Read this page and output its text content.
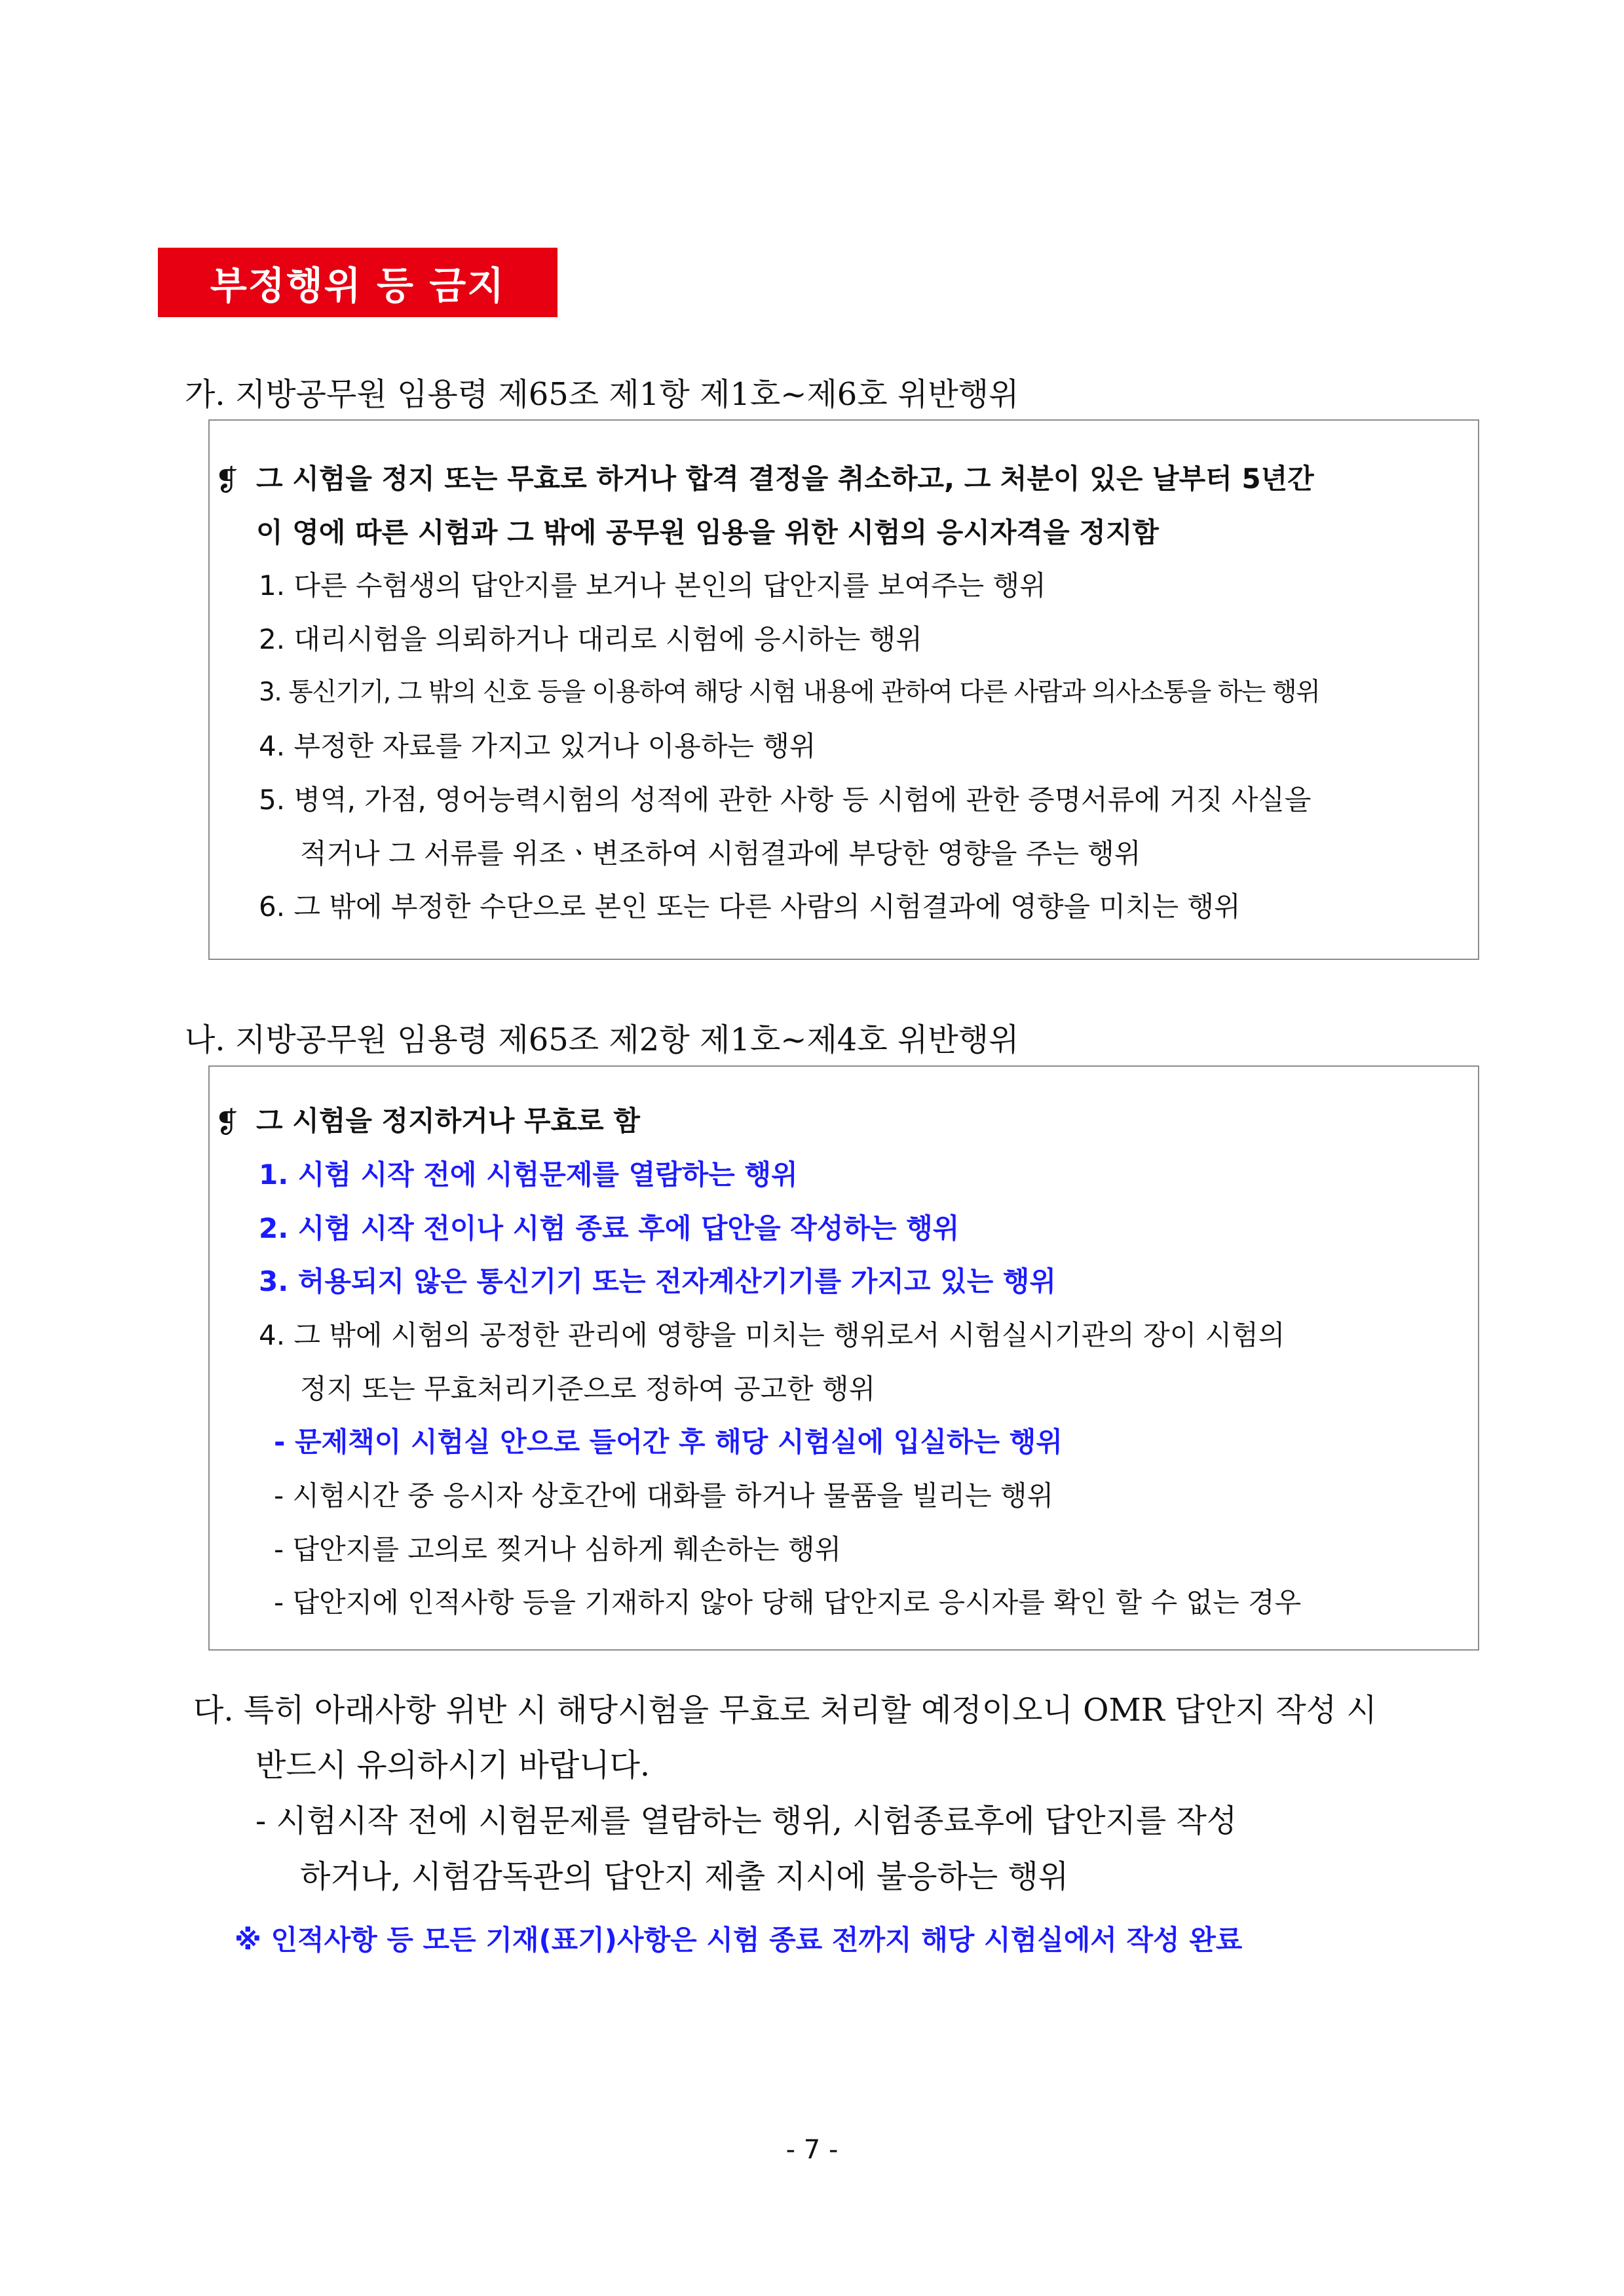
부정행위 등 금지
가. 지방공무원 임용령 제65조 제1항 제1호~제6호 위반행위
❡ 그 시험을 정지 또는 무효로 하거나 합격 결정을 취소하고, 그 처분이 있은 날부터 5년간
이 영에 따른 시험과 그 밖에 공무원 임용을 위한 시험의 응시자격을 정지함
1. 다른 수험생의 답안지를 보거나 본인의 답안지를 보여주는 행위
2. 대리시험을 의뢰하거나 대리로 시험에 응시하는 행위
3. 통신기기, 그 밖의 신호 등을 이용하여 해당 시험 내용에 관하여 다른 사람과 의사소통을 하는 행위
4. 부정한 자료를 가지고 있거나 이용하는 행위
5. 병역, 가점, 영어능력시험의 성적에 관한 사항 등 시험에 관한 증명서류에 거짓 사실을
적거나 그 서류를 위조ㆍ변조하여 시험결과에 부당한 영향을 주는 행위
6. 그 밖에 부정한 수단으로 본인 또는 다른 사람의 시험결과에 영향을 미치는 행위
나. 지방공무원 임용령 제65조 제2항 제1호~제4호 위반행위
❡ 그 시험을 정지하거나 무효로 함
1. 시험 시작 전에 시험문제를 열람하는 행위
2. 시험 시작 전이나 시험 종료 후에 답안을 작성하는 행위
3. 허용되지 않은 통신기기 또는 전자계산기기를 가지고 있는 행위
4. 그 밖에 시험의 공정한 관리에 영향을 미치는 행위로서 시험실시기관의 장이 시험의
정지 또는 무효처리기준으로 정하여 공고한 행위
- 문제책이 시험실 안으로 들어간 후 해당 시험실에 입실하는 행위
- 시험시간 중 응시자 상호간에 대화를 하거나 물품을 빌리는 행위
- 답안지를 고의로 찢거나 심하게 훼손하는 행위
- 답안지에 인적사항 등을 기재하지 않아 당해 답안지로 응시자를 확인 할 수 없는 경우
다. 특히 아래사항 위반 시 해당시험을 무효로 처리할 예정이오니 OMR 답안지 작성 시
반드시 유의하시기 바랍니다.
- 시험시작 전에 시험문제를 열람하는 행위, 시험종료후에 답안지를 작성
하거나, 시험감독관의 답안지 제출 지시에 불응하는 행위
※ 인적사항 등 모든 기재(표기)사항은 시험 종료 전까지 해당 시험실에서 작성 완료
- 7 -
